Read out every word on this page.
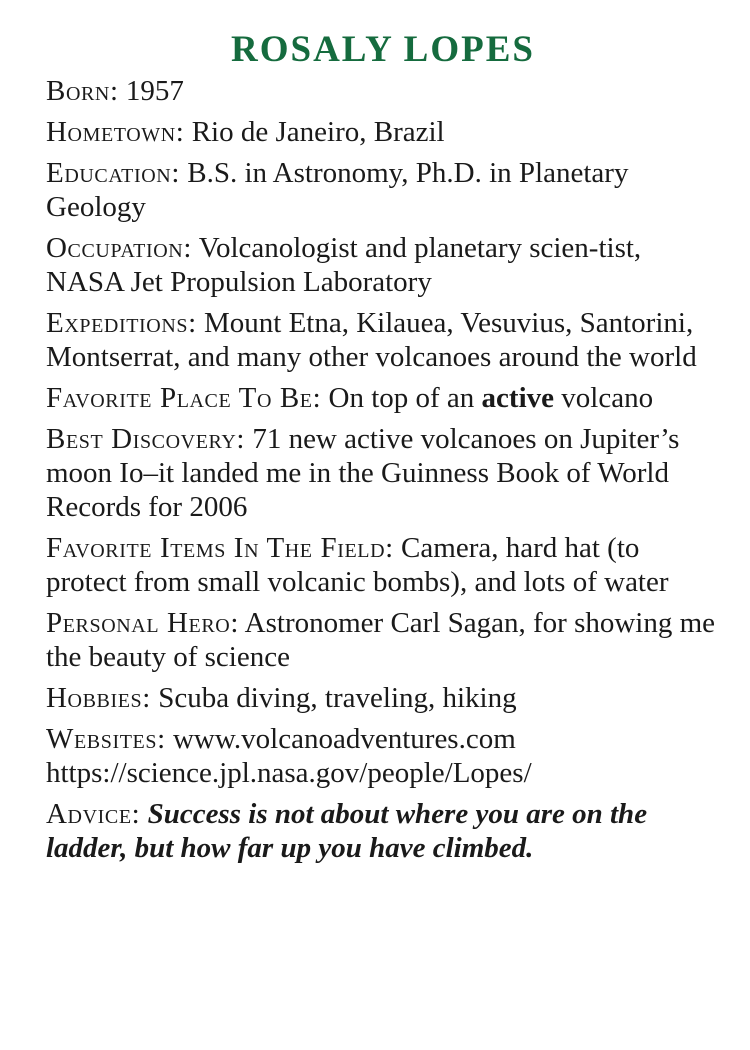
ROSALY LOPES
Born: 1957
Hometown: Rio de Janeiro, Brazil
Education: B.S. in Astronomy, Ph.D. in Planetary Geology
Occupation: Volcanologist and planetary scien-tist, NASA Jet Propulsion Laboratory
Expeditions: Mount Etna, Kilauea, Vesuvius, Santorini, Montserrat, and many other volcanoes around the world
Favorite Place To Be: On top of an active volcano
Best Discovery: 71 new active volcanoes on Jupiter’s moon Io–it landed me in the Guinness Book of World Records for 2006
Favorite Items In The Field: Camera, hard hat (to protect from small volcanic bombs), and lots of water
Personal Hero: Astronomer Carl Sagan, for showing me the beauty of science
Hobbies: Scuba diving, traveling, hiking
Websites: www.volcanoadventures.com
https://science.jpl.nasa.gov/people/Lopes/
Advice: Success is not about where you are on the ladder, but how far up you have climbed.
